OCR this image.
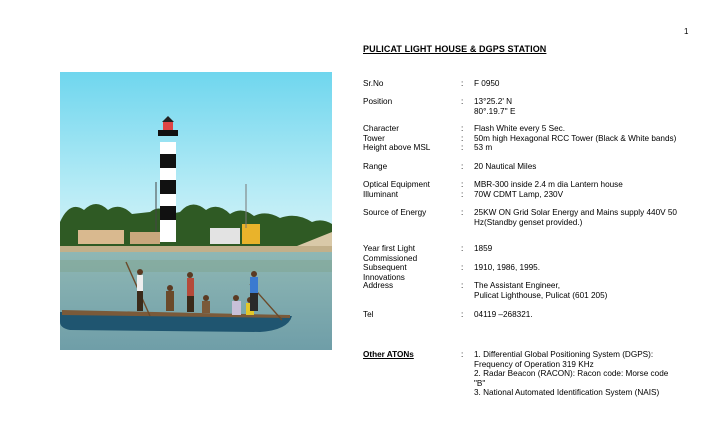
1
PULICAT LIGHT HOUSE & DGPS STATION
Sr.No	: F 0950
Position	: 13°25.2' N
80°.19.7'' E
Character	: Flash White every 5 Sec.
Tower	: 50m high Hexagonal RCC Tower (Black & White bands)
Height above MSL	: 53 m
Range	: 20 Nautical Miles
Optical Equipment	: MBR-300 inside 2.4 m dia Lantern house
Illuminant	: 70W CDMT Lamp, 230V
Source of Energy	: 25KW ON Grid Solar Energy and Mains supply 440V 50
Hz(Standby genset provided.)
Year first Light
Commissioned
: 1859
Subsequent
Innovations
: 1910, 1986, 1995.
Address	: The Assistant Engineer,
Pulicat Lighthouse, Pulicat (601 205)
Tel	: 04119 –268321.
Other ATONs	: 1. Differential Global Positioning System (DGPS):
Frequency of Operation 319 KHz
2. Radar Beacon (RACON): Racon code: Morse code
"B"
3. National Automated Identification System (NAIS)
